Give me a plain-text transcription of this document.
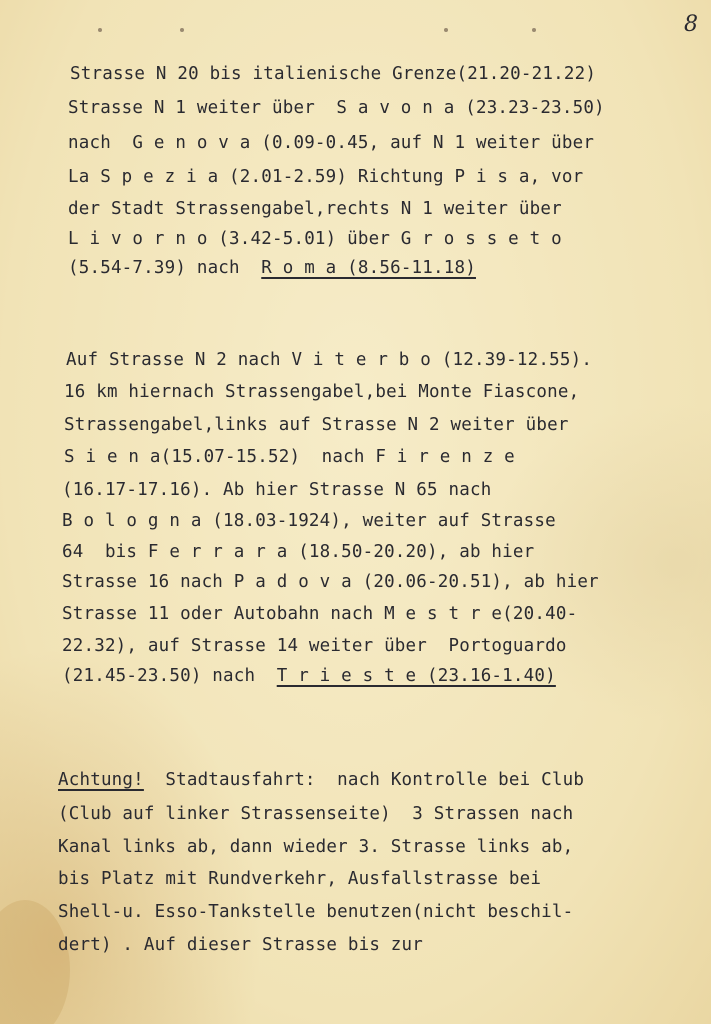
8
Strasse N 20 bis italienische Grenze(21.20-21.22)
Strasse N 1 weiter über  S a v o n a (23.23-23.50)
nach  G e n o v a (0.09-0.45, auf N 1 weiter über
La S p e z i a (2.01-2.59) Richtung P i s a, vor
der Stadt Strassengabel,rechts N 1 weiter über
L i v o r n o (3.42-5.01) über G r o s s e t o
(5.54-7.39) nach  R o m a (8.56-11.18)
Auf Strasse N 2 nach V i t e r b o (12.39-12.55).
16 km hiernach Strassengabel,bei Monte Fiascone,
Strassengabel,links auf Strasse N 2 weiter über
S i e n a(15.07-15.52)  nach F i r e n z e
(16.17-17.16). Ab hier Strasse N 65 nach
B o l o g n a (18.03-1924), weiter auf Strasse
64  bis F e r r a r a (18.50-20.20), ab hier
Strasse 16 nach P a d o v a (20.06-20.51), ab hier
Strasse 11 oder Autobahn nach M e s t r e(20.40-
22.32), auf Strasse 14 weiter über  Portoguardo
(21.45-23.50) nach  T r i e s t e (23.16-1.40)
Achtung!  Stadtausfahrt:  nach Kontrolle bei Club
(Club auf linker Strassenseite)  3 Strassen nach
Kanal links ab, dann wieder 3. Strasse links ab,
bis Platz mit Rundverkehr, Ausfallstrasse bei
Shell-u. Esso-Tankstelle benutzen(nicht beschil-
dert) . Auf dieser Strasse bis zur
